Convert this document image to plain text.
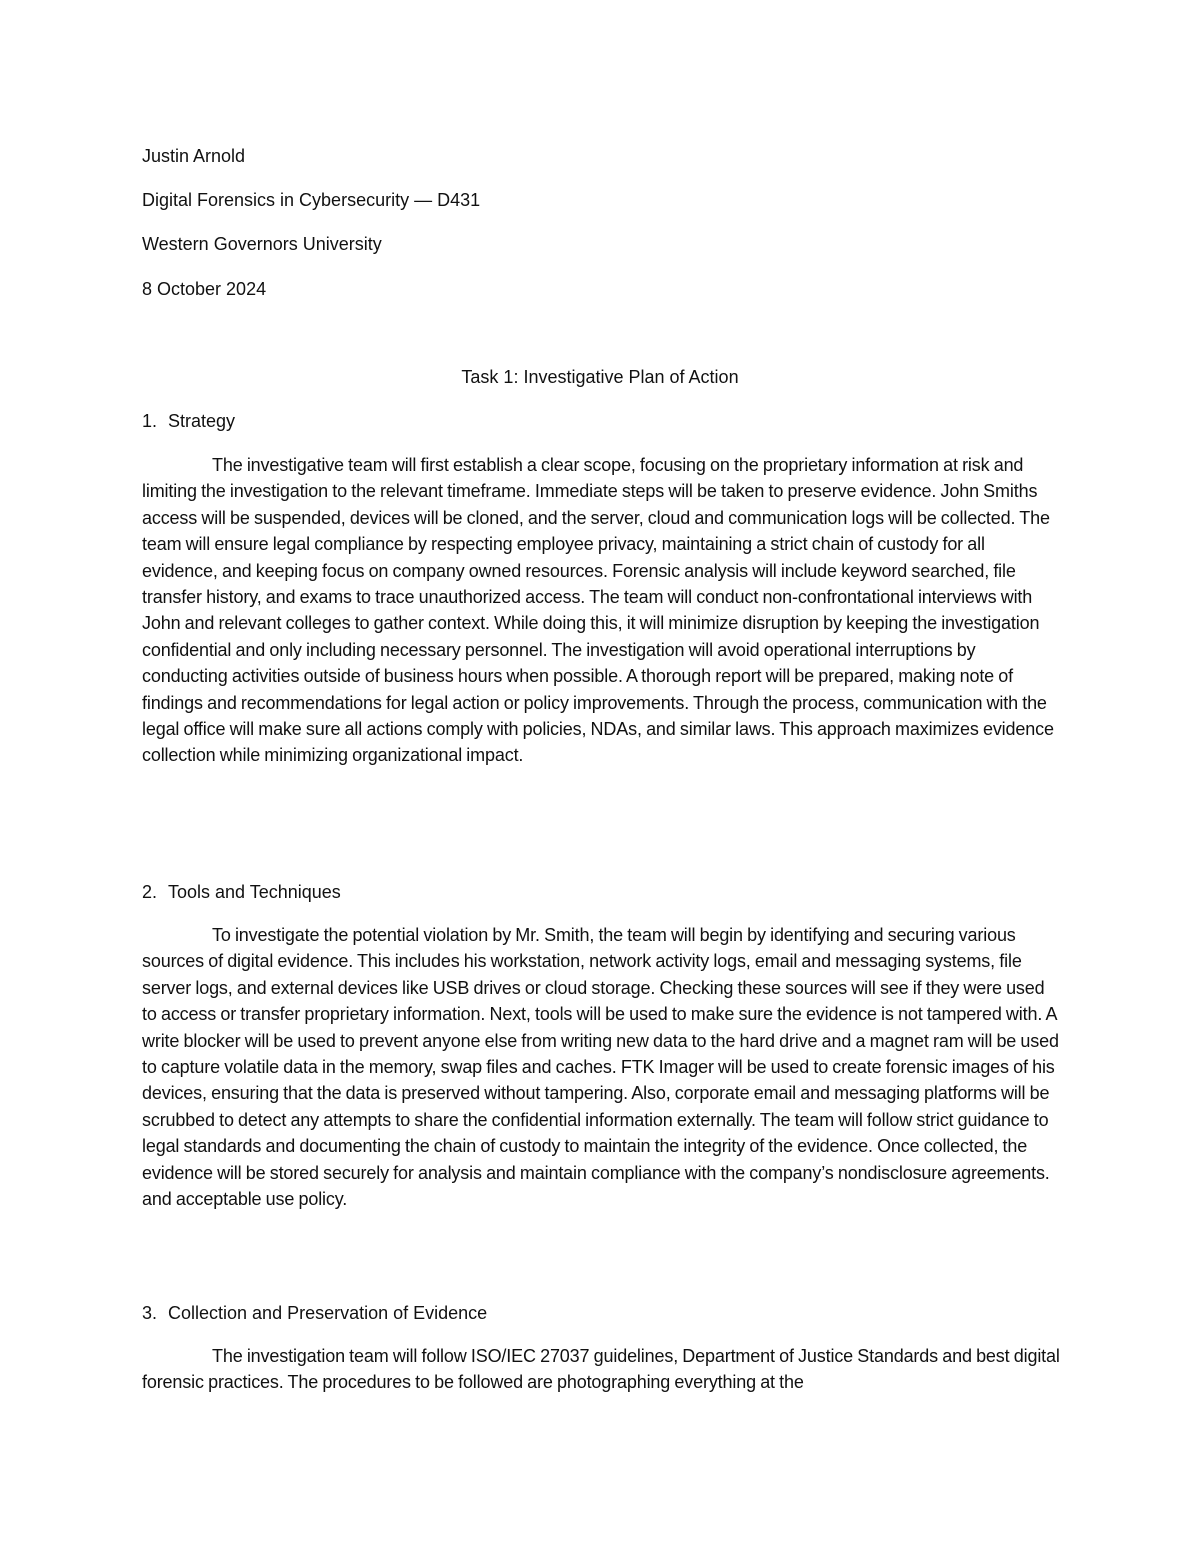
Justin Arnold
Digital Forensics in Cybersecurity — D431
Western Governors University
8 October 2024
Task 1: Investigative Plan of Action
1. Strategy
The investigative team will first establish a clear scope, focusing on the proprietary information at risk and limiting the investigation to the relevant timeframe. Immediate steps will be taken to preserve evidence. John Smiths access will be suspended, devices will be cloned, and the server, cloud and communication logs will be collected. The team will ensure legal compliance by respecting employee privacy, maintaining a strict chain of custody for all evidence, and keeping focus on company owned resources. Forensic analysis will include keyword searched, file transfer history, and exams to trace unauthorized access. The team will conduct non-confrontational interviews with John and relevant colleges to gather context. While doing this, it will minimize disruption by keeping the investigation confidential and only including necessary personnel. The investigation will avoid operational interruptions by conducting activities outside of business hours when possible. A thorough report will be prepared, making note of findings and recommendations for legal action or policy improvements. Through the process, communication with the legal office will make sure all actions comply with policies, NDAs, and similar laws. This approach maximizes evidence collection while minimizing organizational impact.
2. Tools and Techniques
To investigate the potential violation by Mr. Smith, the team will begin by identifying and securing various sources of digital evidence. This includes his workstation, network activity logs, email and messaging systems, file server logs, and external devices like USB drives or cloud storage. Checking these sources will see if they were used to access or transfer proprietary information. Next, tools will be used to make sure the evidence is not tampered with. A write blocker will be used to prevent anyone else from writing new data to the hard drive and a magnet ram will be used to capture volatile data in the memory, swap files and caches. FTK Imager will be used to create forensic images of his devices, ensuring that the data is preserved without tampering. Also, corporate email and messaging platforms will be scrubbed to detect any attempts to share the confidential information externally. The team will follow strict guidance to legal standards and documenting the chain of custody to maintain the integrity of the evidence. Once collected, the evidence will be stored securely for analysis and maintain compliance with the company’s nondisclosure agreements. and acceptable use policy.
3. Collection and Preservation of Evidence
The investigation team will follow ISO/IEC 27037 guidelines, Department of Justice Standards and best digital forensic practices. The procedures to be followed are photographing everything at the
